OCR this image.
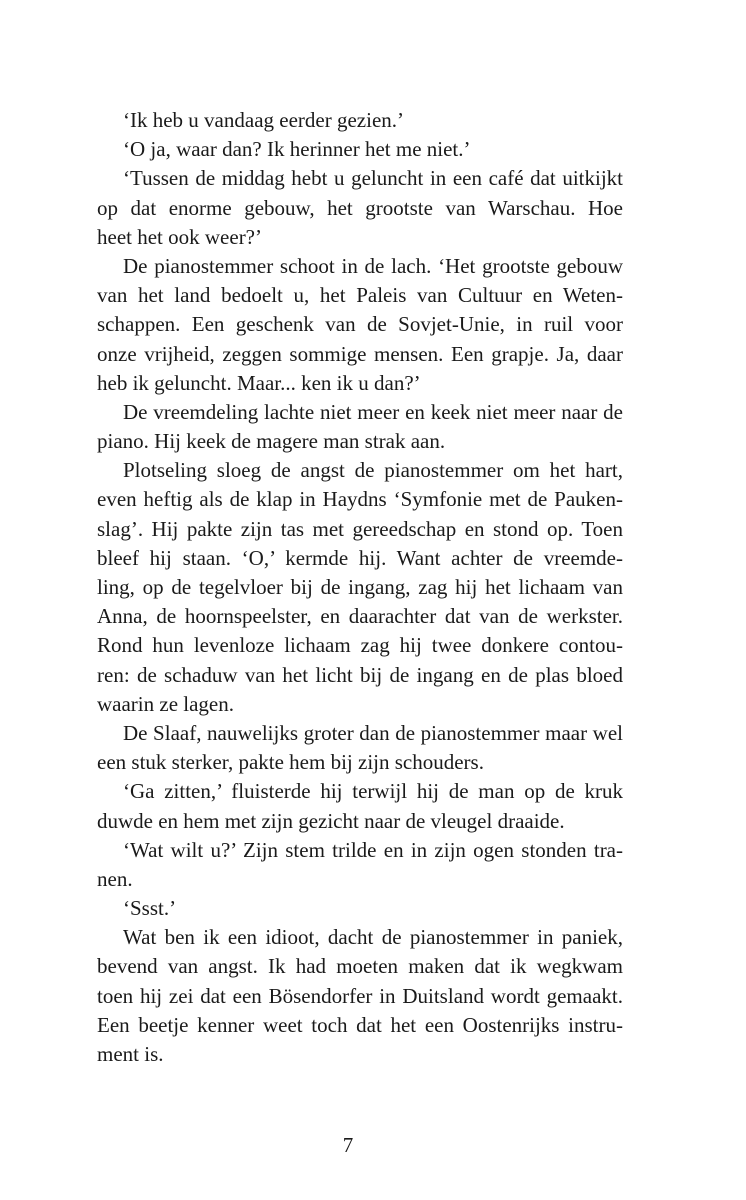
‘Ik heb u vandaag eerder gezien.’
‘O ja, waar dan? Ik herinner het me niet.’
‘Tussen de middag hebt u geluncht in een café dat uitkijkt
op dat enorme gebouw, het grootste van Warschau. Hoe
heet het ook weer?’
De pianostemmer schoot in de lach. ‘Het grootste gebouw
van het land bedoelt u, het Paleis van Cultuur en Weten-
schappen. Een geschenk van de Sovjet-Unie, in ruil voor
onze vrijheid, zeggen sommige mensen. Een grapje. Ja, daar
heb ik geluncht. Maar... ken ik u dan?’
De vreemdeling lachte niet meer en keek niet meer naar de
piano. Hij keek de magere man strak aan.
Plotseling sloeg de angst de pianostemmer om het hart,
even heftig als de klap in Haydns ‘Symfonie met de Pauken-
slag’. Hij pakte zijn tas met gereedschap en stond op. Toen
bleef hij staan. ‘O,’ kermde hij. Want achter de vreemde-
ling, op de tegelvloer bij de ingang, zag hij het lichaam van
Anna, de hoornspeelster, en daarachter dat van de werkster.
Rond hun levenloze lichaam zag hij twee donkere contou-
ren: de schaduw van het licht bij de ingang en de plas bloed
waarin ze lagen.
De Slaaf, nauwelijks groter dan de pianostemmer maar wel
een stuk sterker, pakte hem bij zijn schouders.
‘Ga zitten,’ fluisterde hij terwijl hij de man op de kruk
duwde en hem met zijn gezicht naar de vleugel draaide.
‘Wat wilt u?’ Zijn stem trilde en in zijn ogen stonden tra-
nen.
‘Ssst.’
Wat ben ik een idioot, dacht de pianostemmer in paniek,
bevend van angst. Ik had moeten maken dat ik wegkwam
toen hij zei dat een Bösendorfer in Duitsland wordt gemaakt.
Een beetje kenner weet toch dat het een Oostenrijks instru-
ment is.
7
